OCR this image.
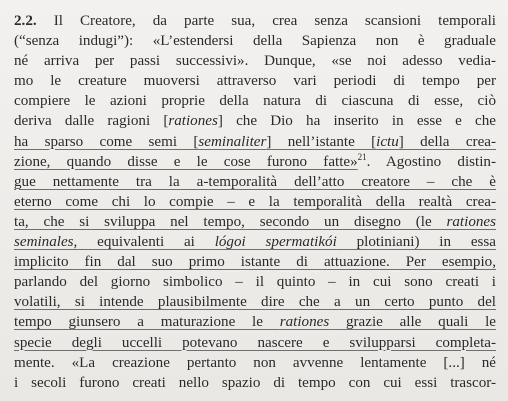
2.2. Il Creatore, da parte sua, crea senza scansioni temporali
(“senza indugi”): «L’estendersi della Sapienza non è graduale
né arriva per passi successivi». Dunque, «se noi adesso vedia-
mo le creature muoversi attraverso vari periodi di tempo per
compiere le azioni proprie della natura di ciascuna di esse, ciò
deriva dalle ragioni [rationes] che Dio ha inserito in esse e che
ha sparso come semi [seminaliter] nell’istante [ictu] della crea-
zione, quando disse e le cose furono fatte»$^{21}$. Agostino distin-
gue nettamente tra la a-temporalità dell’atto creatore – che è
eterno come chi lo compie – e la temporalità della realtà crea-
ta, che si sviluppa nel tempo, secondo un disegno (le rationes
seminales, equivalenti ai lógoi spermatikói plotiniani) in essa
implicito fin dal suo primo istante di attuazione. Per esempio,
parlando del giorno simbolico – il quinto – in cui sono creati i
volatili, si intende plausibilmente dire che a un certo punto del
tempo giunsero a maturazione le rationes grazie alle quali le
specie degli uccelli potevano nascere e svilupparsi completa-
mente. «La creazione pertanto non avvenne lentamente [...] né
i secoli furono creati nello spazio di tempo con cui essi trascor-
